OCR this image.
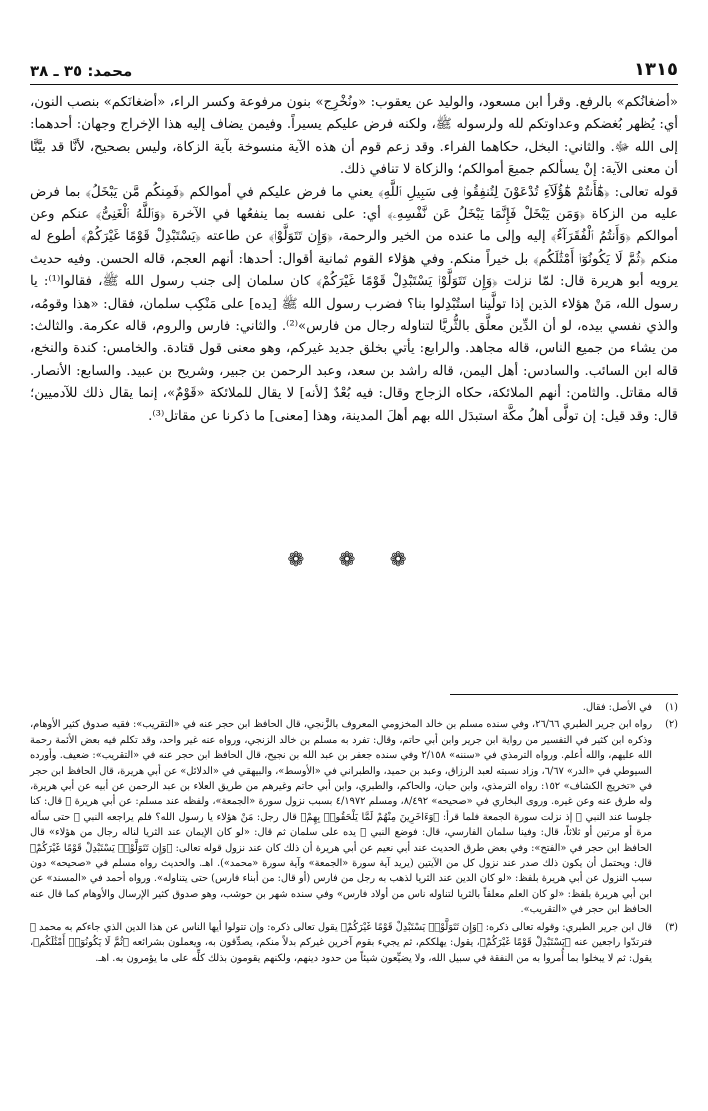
١٣١٥
محمد: ٣٥ ـ ٣٨

«أضغانُكم» بالرفع. وقرأ ابن مسعود، والوليد عن يعقوب: «ونُخْرِج» بنون مرفوعة وكسر الراء، «أضغانَكم» بنصب النون، أي: يُظهر بُغضكم وعداوتكم لله ولرسوله ﷺ، ولكنه فرض عليكم يسيراً. وفيمن يضاف إليه هذا الإخراج وجهان: أحدهما: إلى الله ﷻ. والثاني: البخل، حكاهما الفراء. وقد زعم قوم أن هذه الآية منسوخة بآية الزكاة، وليس بصحيح، لأنَّا قد بيَّنَّا أن معنى الآية: إنْ يسألكم جميعَ أموالكم؛ والزكاة لا تنافي ذلك.

قوله تعالى: ﴿هَٰٓأَنتُمْ هَٰٓؤُلَآءِ تُدْعَوْنَ لِتُنفِقُوا۟ فِى سَبِيلِ ٱللَّهِ﴾ يعني ما فرض عليكم في أموالكم ﴿فَمِنكُم مَّن يَبْخَلُ﴾ بما فرض عليه من الزكاة ﴿وَمَن يَبْخَلْ فَإِنَّمَا يَبْخَلُ عَن نَّفْسِهِۦ﴾ أي: على نفسه بما ينفعُها في الآخرة ﴿وَٱللَّهُ ٱلْغَنِىُّ﴾ عنكم وعن أموالكم ﴿وَأَنتُمُ ٱلْفُقَرَآءُ﴾ إليه وإلى ما عنده من الخير والرحمة، ﴿وَإِن تَتَوَلَّوْا۟﴾ عن طاعته ﴿يَسْتَبْدِلْ قَوْمًا غَيْرَكُمْ﴾ أطوع له منكم ﴿ثُمَّ لَا يَكُونُوٓا۟ أَمْثَٰلَكُم﴾ بل خيراً منكم. وفي هؤلاء القوم ثمانية أقوال: أحدها: أنهم العجم، قاله الحسن. وفيه حديث يرويه أبو هريرة قال: لمّا نزلت ﴿وَإِن تَتَوَلَّوْا۟ يَسْتَبْدِلْ قَوْمًا غَيْرَكُمْ﴾ كان سلمان إلى جنب رسول الله ﷺ، فقالوا⁽¹⁾: يا رسول الله، مَنْ هؤلاء الذين إذا تولَّينا استُبْدِلوا بنا؟ فضرب رسول الله ﷺ [يده] على مَنْكِب سلمان، فقال: «هذا وقومُه، والذي نفسي بيده، لو أن الدِّين معلَّق بالثُّريَّا لتناوله رجال من فارس»⁽²⁾. والثاني: فارس والروم، قاله عكرمة. والثالث: من يشاء من جميع الناس، قاله مجاهد. والرابع: يأتي بخلق جديد غيركم، وهو معنى قول قتادة. والخامس: كندة والنخع، قاله ابن السائب. والسادس: أهل اليمن، قاله راشد بن سعد، وعبد الرحمن بن جبير، وشريح بن عبيد. والسابع: الأنصار. قاله مقاتل. والثامن: أنهم الملائكة، حكاه الزجاج وقال: فيه بُعْدٌ [لأنه] لا يقال للملائكة «قَوْمٌ»، إنما يقال ذلك للآدميين؛ قال: وقد قيل: إن تولَّى أهلُ مكَّة استبدَل الله بهم أهلَ المدينة، وهذا [معنى] ما ذكرنا عن مقاتل⁽³⁾.

❁ ❁ ❁
(١)
في الأصل: فقال.
(٢)
رواه ابن جرير الطبري ٢٦/٦٦، وفي سنده مسلم بن خالد المخزومي المعروف بالزَّنجي، قال الحافظ ابن حجر عنه في «التقريب»: فقيه صدوق كثير الأوهام، وذكره ابن كثير في التفسير من رواية ابن جرير وابن أبي حاتم، وقال: تفرد به مسلم بن خالد الزنجي، ورواه عنه غير واحد، وقد تكلم فيه بعض الأئمة رحمة الله عليهم، والله أعلم. ورواه الترمذي في «سننه» ٢/١٥٨ وفي سنده جعفر بن عبد الله بن نجيح، قال الحافظ ابن حجر عنه في «التقريب»: ضعيف. وأورده السيوطي في «الدر» ٦/٦٧، وزاد نسبته لعبد الرزاق، وعبد بن حميد، والطبراني في «الأوسط»، والبيهقي في «الدلائل» عن أبي هريرة، قال الحافظ ابن حجر في «تخريج الكشاف» ١٥٢: رواه الترمذي، وابن حبان، والحاكم، والطبري، وابن أبي حاتم وغيرهم من طريق العلاء بن عبد الرحمن عن أبيه عن أبي هريرة، وله طرق عنه وعن غيره. وروى البخاري في «صحيحه» ٨/٤٩٢، ومسلم ٤/١٩٧٢ بسبب نزول سورة «الجمعة»، ولفظه عند مسلم: عن أبي هريرة ﷺ قال: كنا جلوسا عند النبي ﷺ إذ نزلت سورة الجمعة فلما قرأ: ﴿وَءَاخَرِينَ مِنْهُمْ لَمَّا يَلْحَقُوا۟ بِهِمْ﴾ قال رجل: مَنْ هؤلاء يا رسول الله؟ فلم يراجعه النبي ﷺ حتى سأله مرة أو مرتين أو ثلاثاً، قال: وفينا سلمان الفارسي، قال: فوضع النبي ﷺ يده على سلمان ثم قال: «لو كان الإيمان عند الثريا لناله رجال من هؤلاء» قال الحافظ ابن حجر في «الفتح»: وفي بعض طرق الحديث عند أبي نعيم عن أبي هريرة أن ذلك كان عند نزول قوله تعالى: ﴿وَإِن تَتَوَلَّوْا۟ يَسْتَبْدِلْ قَوْمًا غَيْرَكُمْ﴾ قال: ويحتمل أن يكون ذلك صدر عند نزول كل من الآيتين (يريد آية سورة «الجمعة» وآية سورة «محمد»). اهـ. والحديث رواه مسلم في «صحيحه» دون سبب النزول عن أبي هريرة بلفظ: «لو كان الدين عند الثريا لذهب به رجل من فارس (أو قال: من أبناء فارس) حتى يتناوله». ورواه أحمد في «المسند» عن ابن أبي هريرة بلفظ: «لو كان العلم معلقاً بالثريا لتناوله ناس من أولاد فارس» وفي سنده شهر بن حوشب، وهو صدوق كثير الإرسال والأوهام كما قال عنه الحافظ ابن حجر في «التقريب».
(٣)
قال ابن جرير الطبري: وقوله تعالى ذكره: ﴿وَإِن تَتَوَلَّوْا۟ يَسْتَبْدِلْ قَوْمًا غَيْرَكُمْ﴾ يقول تعالى ذكره: وإن تتولوا أيها الناس عن هذا الدين الذي جاءكم به محمد ﷺ فترتدّوا راجعين عنه ﴿يَسْتَبْدِلْ قَوْمًا غَيْرَكُمْ﴾، يقول: يهلككم، ثم يجيء بقوم آخرين غيركم بدلاً منكم، يصدِّقون به، ويعملون بشرائعه ﴿ثُمَّ لَا يَكُونُوٓا۟ أَمْثَٰلَكُم﴾، يقول: ثم لا يبخلوا بما أُمروا به من النفقة في سبيل الله، ولا يضيِّعون شيئاً من حدود دينهم، ولكنهم يقومون بذلك كلِّه على ما يؤمرون به. اهـ.
